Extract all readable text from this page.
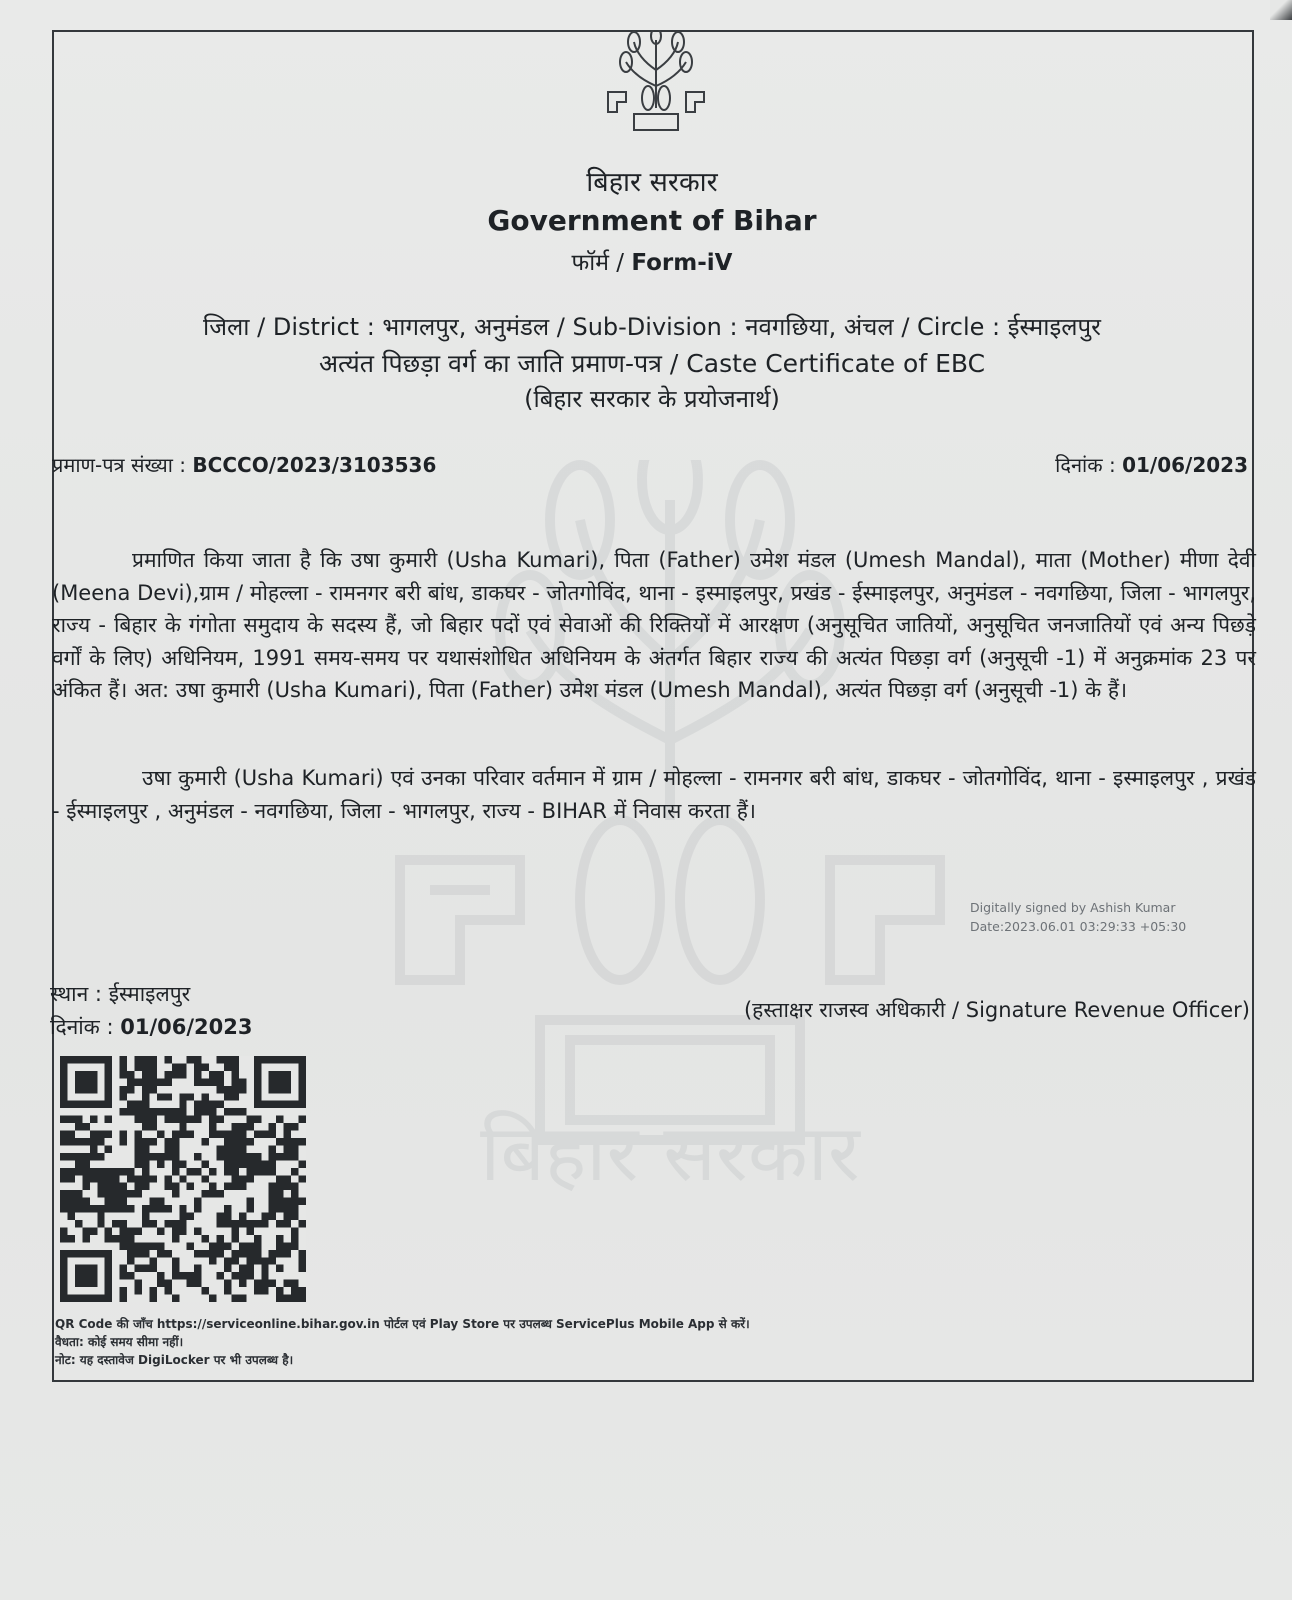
बिहार सरकार
बिहार सरकार
Government of Bihar
फॉर्म / Form-iV
जिला / District : भागलपुर, अनुमंडल / Sub-Division : नवगछिया, अंचल / Circle : ईस्माइलपुर
अत्यंत पिछड़ा वर्ग का जाति प्रमाण-पत्र / Caste Certificate of EBC
(बिहार सरकार के प्रयोजनार्थ)
प्रमाण-पत्र संख्या : BCCCO/2023/3103536	दिनांक : 01/06/2023

प्रमाणित किया जाता है कि उषा कुमारी (Usha Kumari), पिता (Father) उमेश मंडल (Umesh Mandal), माता (Mother) मीणा देवी (Meena Devi),ग्राम / मोहल्ला - रामनगर बरी बांध, डाकघर - जोतगोविंद, थाना - इस्माइलपुर, प्रखंड - ईस्माइलपुर, अनुमंडल - नवगछिया, जिला - भागलपुर, राज्य - बिहार के गंगोता समुदाय के सदस्य हैं, जो बिहार पदों एवं सेवाओं की रिक्तियों में आरक्षण (अनुसूचित जातियों, अनुसूचित जनजातियों एवं अन्य पिछड़े वर्गों के लिए) अधिनियम, 1991 समय-समय पर यथासंशोधित अधिनियम के अंतर्गत बिहार राज्य की अत्यंत पिछड़ा वर्ग (अनुसूची -1) में अनुक्रमांक 23 पर अंकित हैं। अत: उषा कुमारी (Usha Kumari), पिता (Father) उमेश मंडल (Umesh Mandal), अत्यंत पिछड़ा वर्ग (अनुसूची -1) के हैं।

उषा कुमारी (Usha Kumari) एवं उनका परिवार वर्तमान में ग्राम / मोहल्ला - रामनगर बरी बांध, डाकघर - जोतगोविंद, थाना - इस्माइलपुर , प्रखंड - ईस्माइलपुर , अनुमंडल - नवगछिया, जिला - भागलपुर, राज्य - BIHAR में निवास करता हैं।

Digitally signed by Ashish Kumar
Date:2023.06.01 03:29:33 +05:30
स्थान : ईस्माइलपुर
दिनांक : 01/06/2023
(हस्ताक्षर राजस्व अधिकारी / Signature Revenue Officer)
QR Code की जाँच https://serviceonline.bihar.gov.in पोर्टल एवं Play Store पर उपलब्ध ServicePlus Mobile App से करें।
वैधता: कोई समय सीमा नहीं।
नोट: यह दस्तावेज DigiLocker पर भी उपलब्ध है।
